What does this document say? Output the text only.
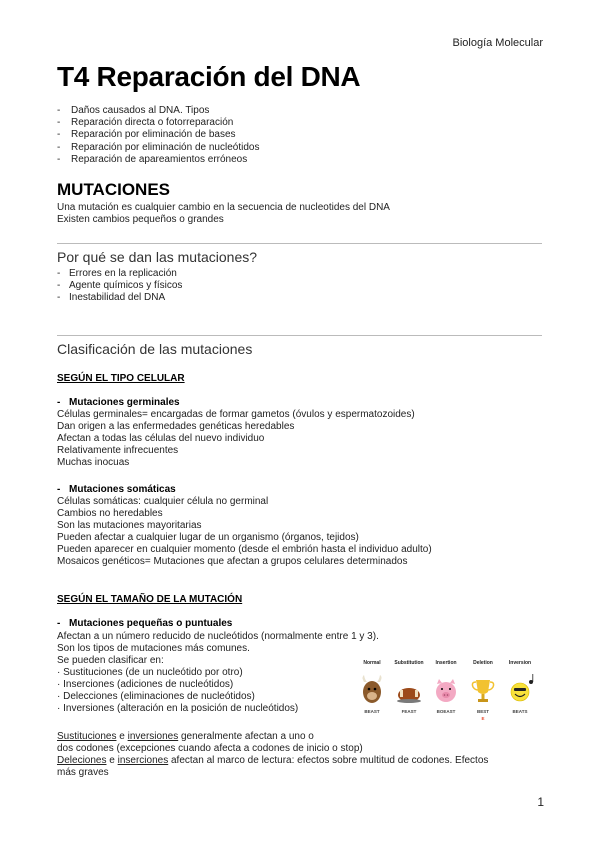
Biología Molecular
T4 Reparación del DNA
- Daños causados al DNA. Tipos
- Reparación directa o fotorreparación
- Reparación por eliminación de bases
- Reparación por eliminación de nucleótidos
- Reparación de apareamientos erróneos
MUTACIONES
Una mutación es cualquier cambio en la secuencia de nucleotides del DNA
Existen cambios pequeños o grandes
Por qué se dan las mutaciones?
- Errores en la replicación
- Agente químicos y físicos
- Inestabilidad del DNA
Clasificación de las mutaciones
SEGÚN EL TIPO CELULAR
- Mutaciones germinales
Células germinales= encargadas de formar gametos (óvulos y espermatozoides)
Dan origen a las enfermedades genéticas heredables
Afectan a todas las células del nuevo individuo
Relativamente infrecuentes
Muchas inocuas
- Mutaciones somáticas
Células somáticas: cualquier célula no germinal
Cambios no heredables
Son las mutaciones mayoritarias
Pueden afectar a cualquier lugar de un organismo (órganos, tejidos)
Pueden aparecer en cualquier momento (desde el embrión hasta el individuo adulto)
Mosaicos genéticos= Mutaciones que afectan a grupos celulares determinados
SEGÚN EL TAMAÑO DE LA MUTACIÓN
- Mutaciones pequeñas o puntuales
Afectan a un número reducido de nucleótidos (normalmente entre 1 y 3).
Son los tipos de mutaciones más comunes.
Se pueden clasificar en:
· Sustituciones (de un nucleótido por otro)
· Inserciones (adiciones de nucleótidos)
· Delecciones (eliminaciones de nucleótidos)
· Inversiones (alteración en la posición de nucleótidos)
Normal	Substitution	Insertion	Deletion	Inversion
BEAST	FEAST	BOEAST	BEST	BEATS
E
Sustituciones e inversiones generalmente afectan a uno o
dos codones (excepciones cuando afecta a codones de inicio o stop)
Deleciones e inserciones afectan al marco de lectura: efectos sobre multitud de codones. Efectos
más graves
1
